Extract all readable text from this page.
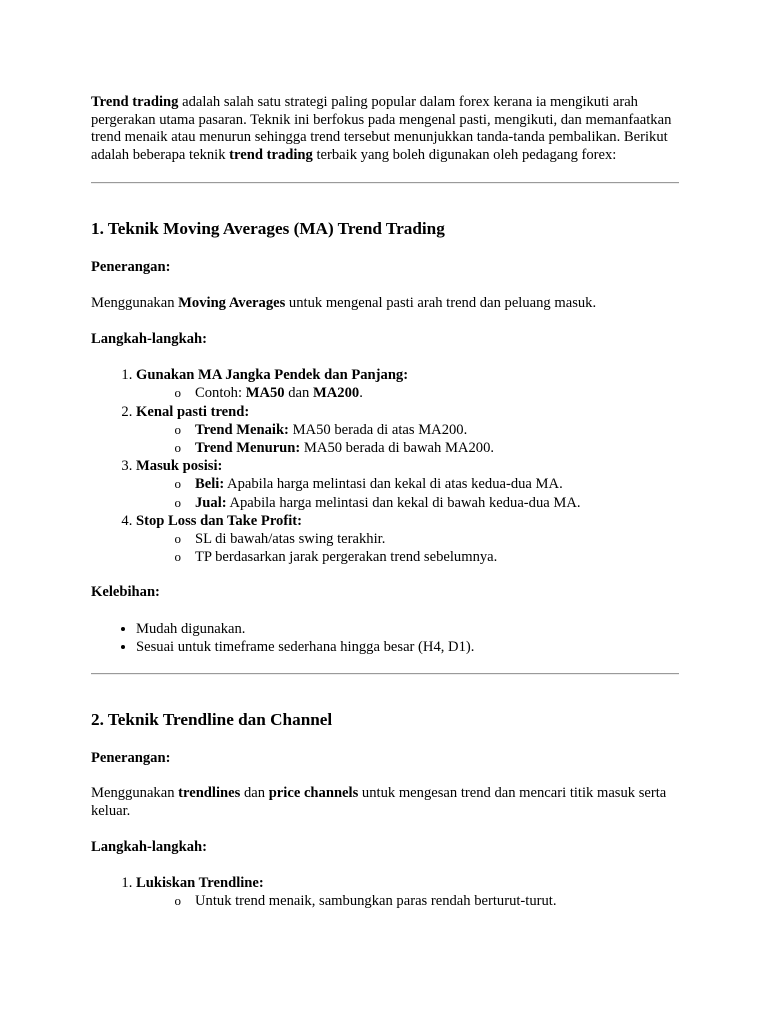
Trend trading adalah salah satu strategi paling popular dalam forex kerana ia mengikuti arah pergerakan utama pasaran. Teknik ini berfokus pada mengenal pasti, mengikuti, dan memanfaatkan trend menaik atau menurun sehingga trend tersebut menunjukkan tanda-tanda pembalikan. Berikut adalah beberapa teknik trend trading terbaik yang boleh digunakan oleh pedagang forex:

1. Teknik Moving Averages (MA) Trend Trading

Penerangan:

Menggunakan Moving Averages untuk mengenal pasti arah trend dan peluang masuk.

Langkah-langkah:

1. Gunakan MA Jangka Pendek dan Panjang:
o Contoh: MA50 dan MA200.
2. Kenal pasti trend:
o Trend Menaik: MA50 berada di atas MA200.
o Trend Menurun: MA50 berada di bawah MA200.
3. Masuk posisi:
o Beli: Apabila harga melintasi dan kekal di atas kedua-dua MA.
o Jual: Apabila harga melintasi dan kekal di bawah kedua-dua MA.
4. Stop Loss dan Take Profit:
o SL di bawah/atas swing terakhir.
o TP berdasarkan jarak pergerakan trend sebelumnya.

Kelebihan:

• Mudah digunakan.
• Sesuai untuk timeframe sederhana hingga besar (H4, D1).
2. Teknik Trendline dan Channel

Penerangan:

Menggunakan trendlines dan price channels untuk mengesan trend dan mencari titik masuk serta keluar.

Langkah-langkah:

1. Lukiskan Trendline:
o Untuk trend menaik, sambungkan paras rendah berturut-turut.
